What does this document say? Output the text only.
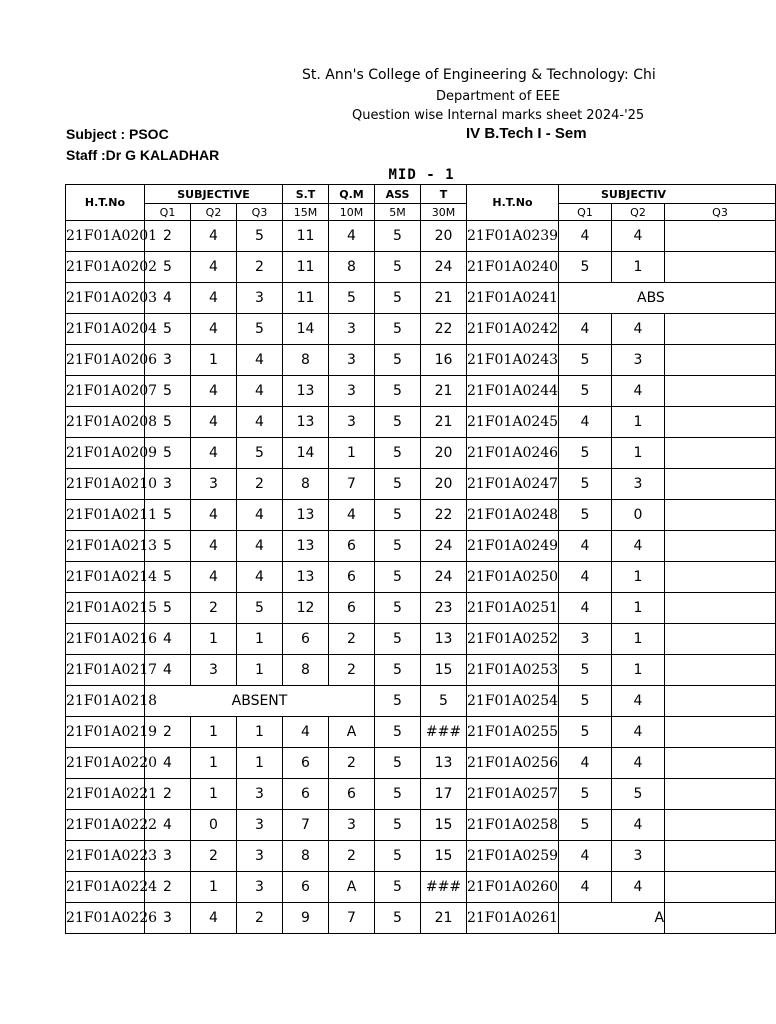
St. Ann's College of Engineering & Technology: Chi
Department of EEE
Question wise Internal marks sheet 2024-'25
Subject : PSOC
Staff :Dr G KALADHAR
IV B.Tech I - Sem
						MID - 1					
H.T.No	SUBJECTIVE			S.T	Q.M	ASS	T	H.T.No	SUBJECTIV		
	Q1	Q2	Q3	15M	10M	5M	30M		Q1	Q2	Q3
21F01A0201	2	4	5	11	4	5	20	21F01A0239	4	4	
21F01A0202	5	4	2	11	8	5	24	21F01A0240	5	1	
21F01A0203	4	4	3	11	5	5	21	21F01A0241	ABS		
21F01A0204	5	4	5	14	3	5	22	21F01A0242	4	4	
21F01A0206	3	1	4	8	3	5	16	21F01A0243	5	3	
21F01A0207	5	4	4	13	3	5	21	21F01A0244	5	4	
21F01A0208	5	4	4	13	3	5	21	21F01A0245	4	1	
21F01A0209	5	4	5	14	1	5	20	21F01A0246	5	1	
21F01A0210	3	3	2	8	7	5	20	21F01A0247	5	3	
21F01A0211	5	4	4	13	4	5	22	21F01A0248	5	0	
21F01A0213	5	4	4	13	6	5	24	21F01A0249	4	4	
21F01A0214	5	4	4	13	6	5	24	21F01A0250	4	1	
21F01A0215	5	2	5	12	6	5	23	21F01A0251	4	1	
21F01A0216	4	1	1	6	2	5	13	21F01A0252	3	1	
21F01A0217	4	3	1	8	2	5	15	21F01A0253	5	1	
21F01A0218	ABSENT					5	5	21F01A0254	5	4	
21F01A0219	2	1	1	4	A	5	###	21F01A0255	5	4	
21F01A0220	4	1	1	6	2	5	13	21F01A0256	4	4	
21F01A0221	2	1	3	6	6	5	17	21F01A0257	5	5	
21F01A0222	4	0	3	7	3	5	15	21F01A0258	5	4	
21F01A0223	3	2	3	8	2	5	15	21F01A0259	4	3	
21F01A0224	2	1	3	6	A	5	###	21F01A0260	4	4	
21F01A0226	3	4	2	9	7	5	21	21F01A0261	A		
